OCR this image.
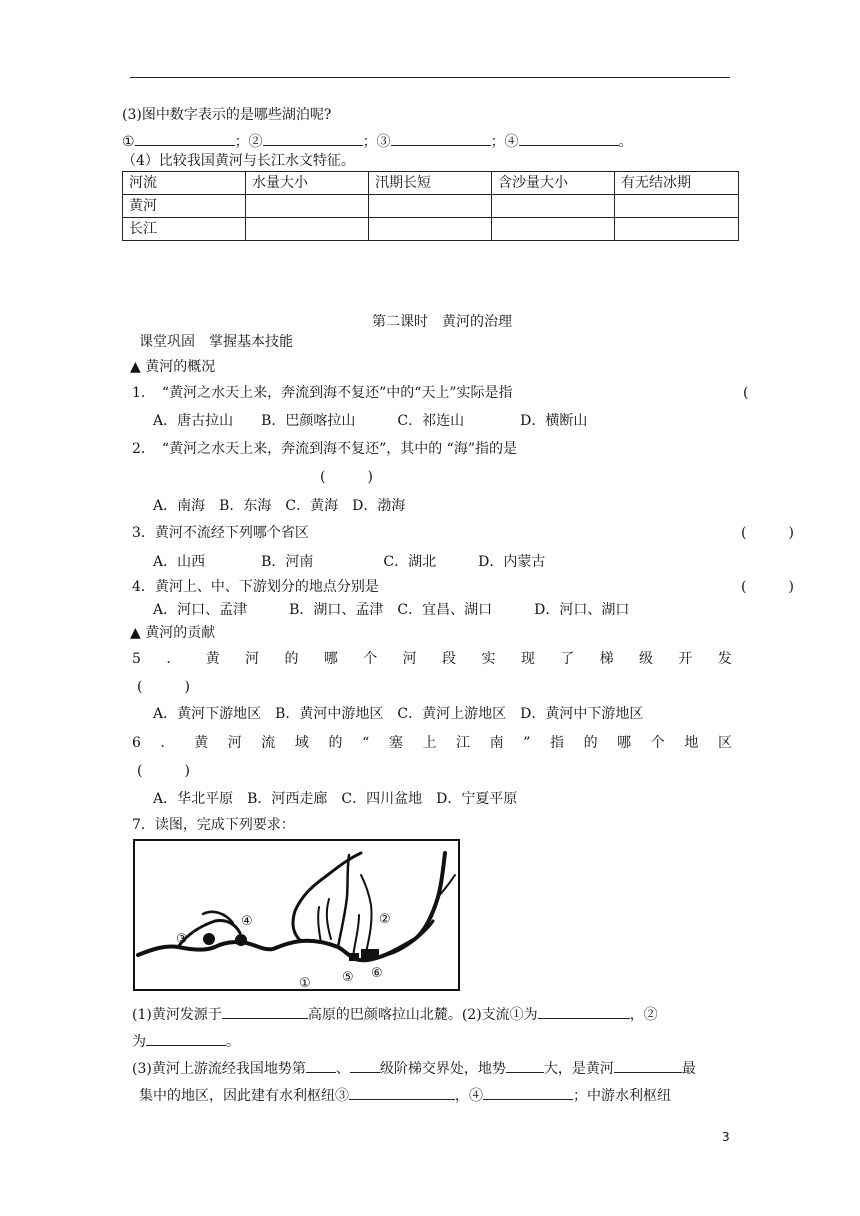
(3)图中数字表示的是哪些湖泊呢?
①	；②	；③	；④	。
（4）比较我国黄河与长江水文特征。
河流	水量大小	汛期长短	含沙量大小	有无结冰期
黄河				
长江				
第二课时　黄河的治理
课堂巩固　掌握基本技能
▲ 黄河的概况
1．　“黄河之水天上来，奔流到海不复还”中的“天上”实际是指	(
A．唐古拉山　　B．巴颜喀拉山　　　C．祁连山　　　　D．横断山
2．　“黄河之水天上来，奔流到海不复还”，其中的 “海”指的是
(　　　)
A．南海　B．东海　C．黄海　D．渤海
3．黄河不流经下列哪个省区	(　　　)
A．山西　　　　B．河南　　　　　C．湖北　　　D．内蒙古
4．黄河上、中、下游划分的地点分别是	(　　　)
A．河口、孟津　　　B．湖口、孟津　C．宜昌、湖口　　　D．河口、湖口
▲ 黄河的贡献
5 ． 黄 河 的 哪 个 河 段 实 现 了 梯 级 开 发
(　　　)
A．黄河下游地区　B．黄河中游地区　C．黄河上游地区　D．黄河中下游地区
6 ． 黄 河 流 域 的 “ 塞 上 江 南 ” 指 的 哪 个 地 区
(　　　)
A．华北平原　B．河西走廊　C．四川盆地　D．宁夏平原
7．读图，完成下列要求：
①
②
③
④
⑤ ⑥
(1)黄河发源于	高原的巴颜喀拉山北麓。(2)支流①为	，②
为	。
(3)黄河上游流经我国地势第 、 级阶梯交界处，地势	大，是黄河	最
集中的地区，因此建有水利枢纽③	，④	；中游水利枢纽
3
